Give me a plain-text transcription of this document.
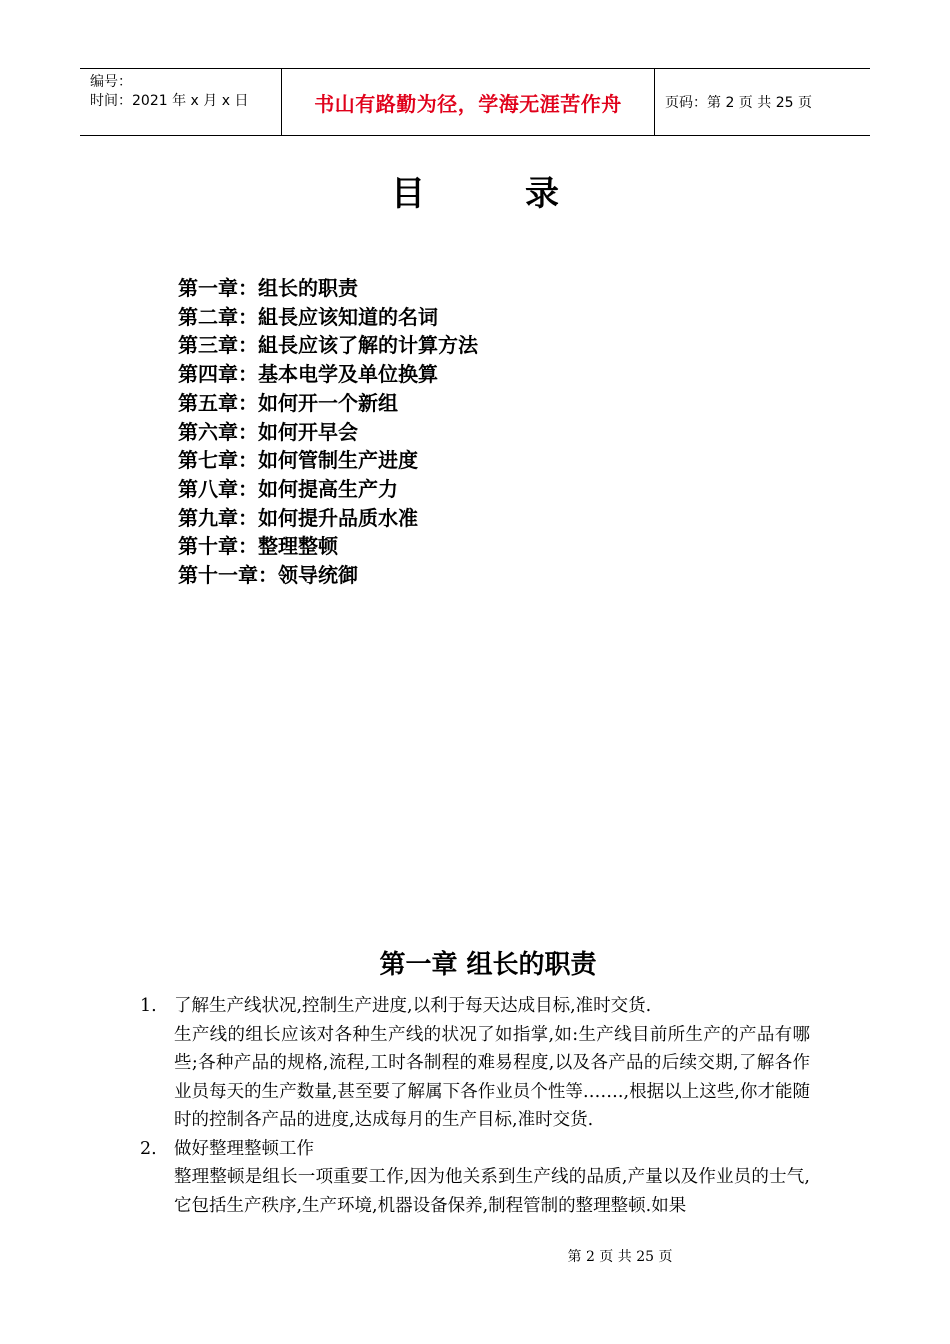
编号：
时间：2021 年 x 月 x 日	书山有路勤为径，学海无涯苦作舟	页码：第 2 页 共 25 页
目录
第一章：组长的职责
第二章：組長应该知道的名词
第三章：組長应该了解的计算方法
第四章：基本电学及单位换算
第五章：如何开一个新组
第六章：如何开早会
第七章：如何管制生产进度
第八章：如何提高生产力
第九章：如何提升品质水准
第十章：整理整顿
第十一章：领导统御
第一章 组长的职责
1. 了解生产线状况,控制生产进度,以利于每天达成目标,准时交货.
生产线的组长应该对各种生产线的状况了如指掌,如:生产线目前所生产的产品有哪些;各种产品的规格,流程,工时各制程的难易程度,以及各产品的后续交期,了解各作业员每天的生产数量,甚至要了解属下各作业员个性等…….,根据以上这些,你才能随时的控制各产品的进度,达成每月的生产目标,准时交货.
2. 做好整理整顿工作
整理整顿是组长一项重要工作,因为他关系到生产线的品质,产量以及作业员的士气,它包括生产秩序,生产环境,机器设备保养,制程管制的整理整顿.如果
第 2 页 共 25 页
